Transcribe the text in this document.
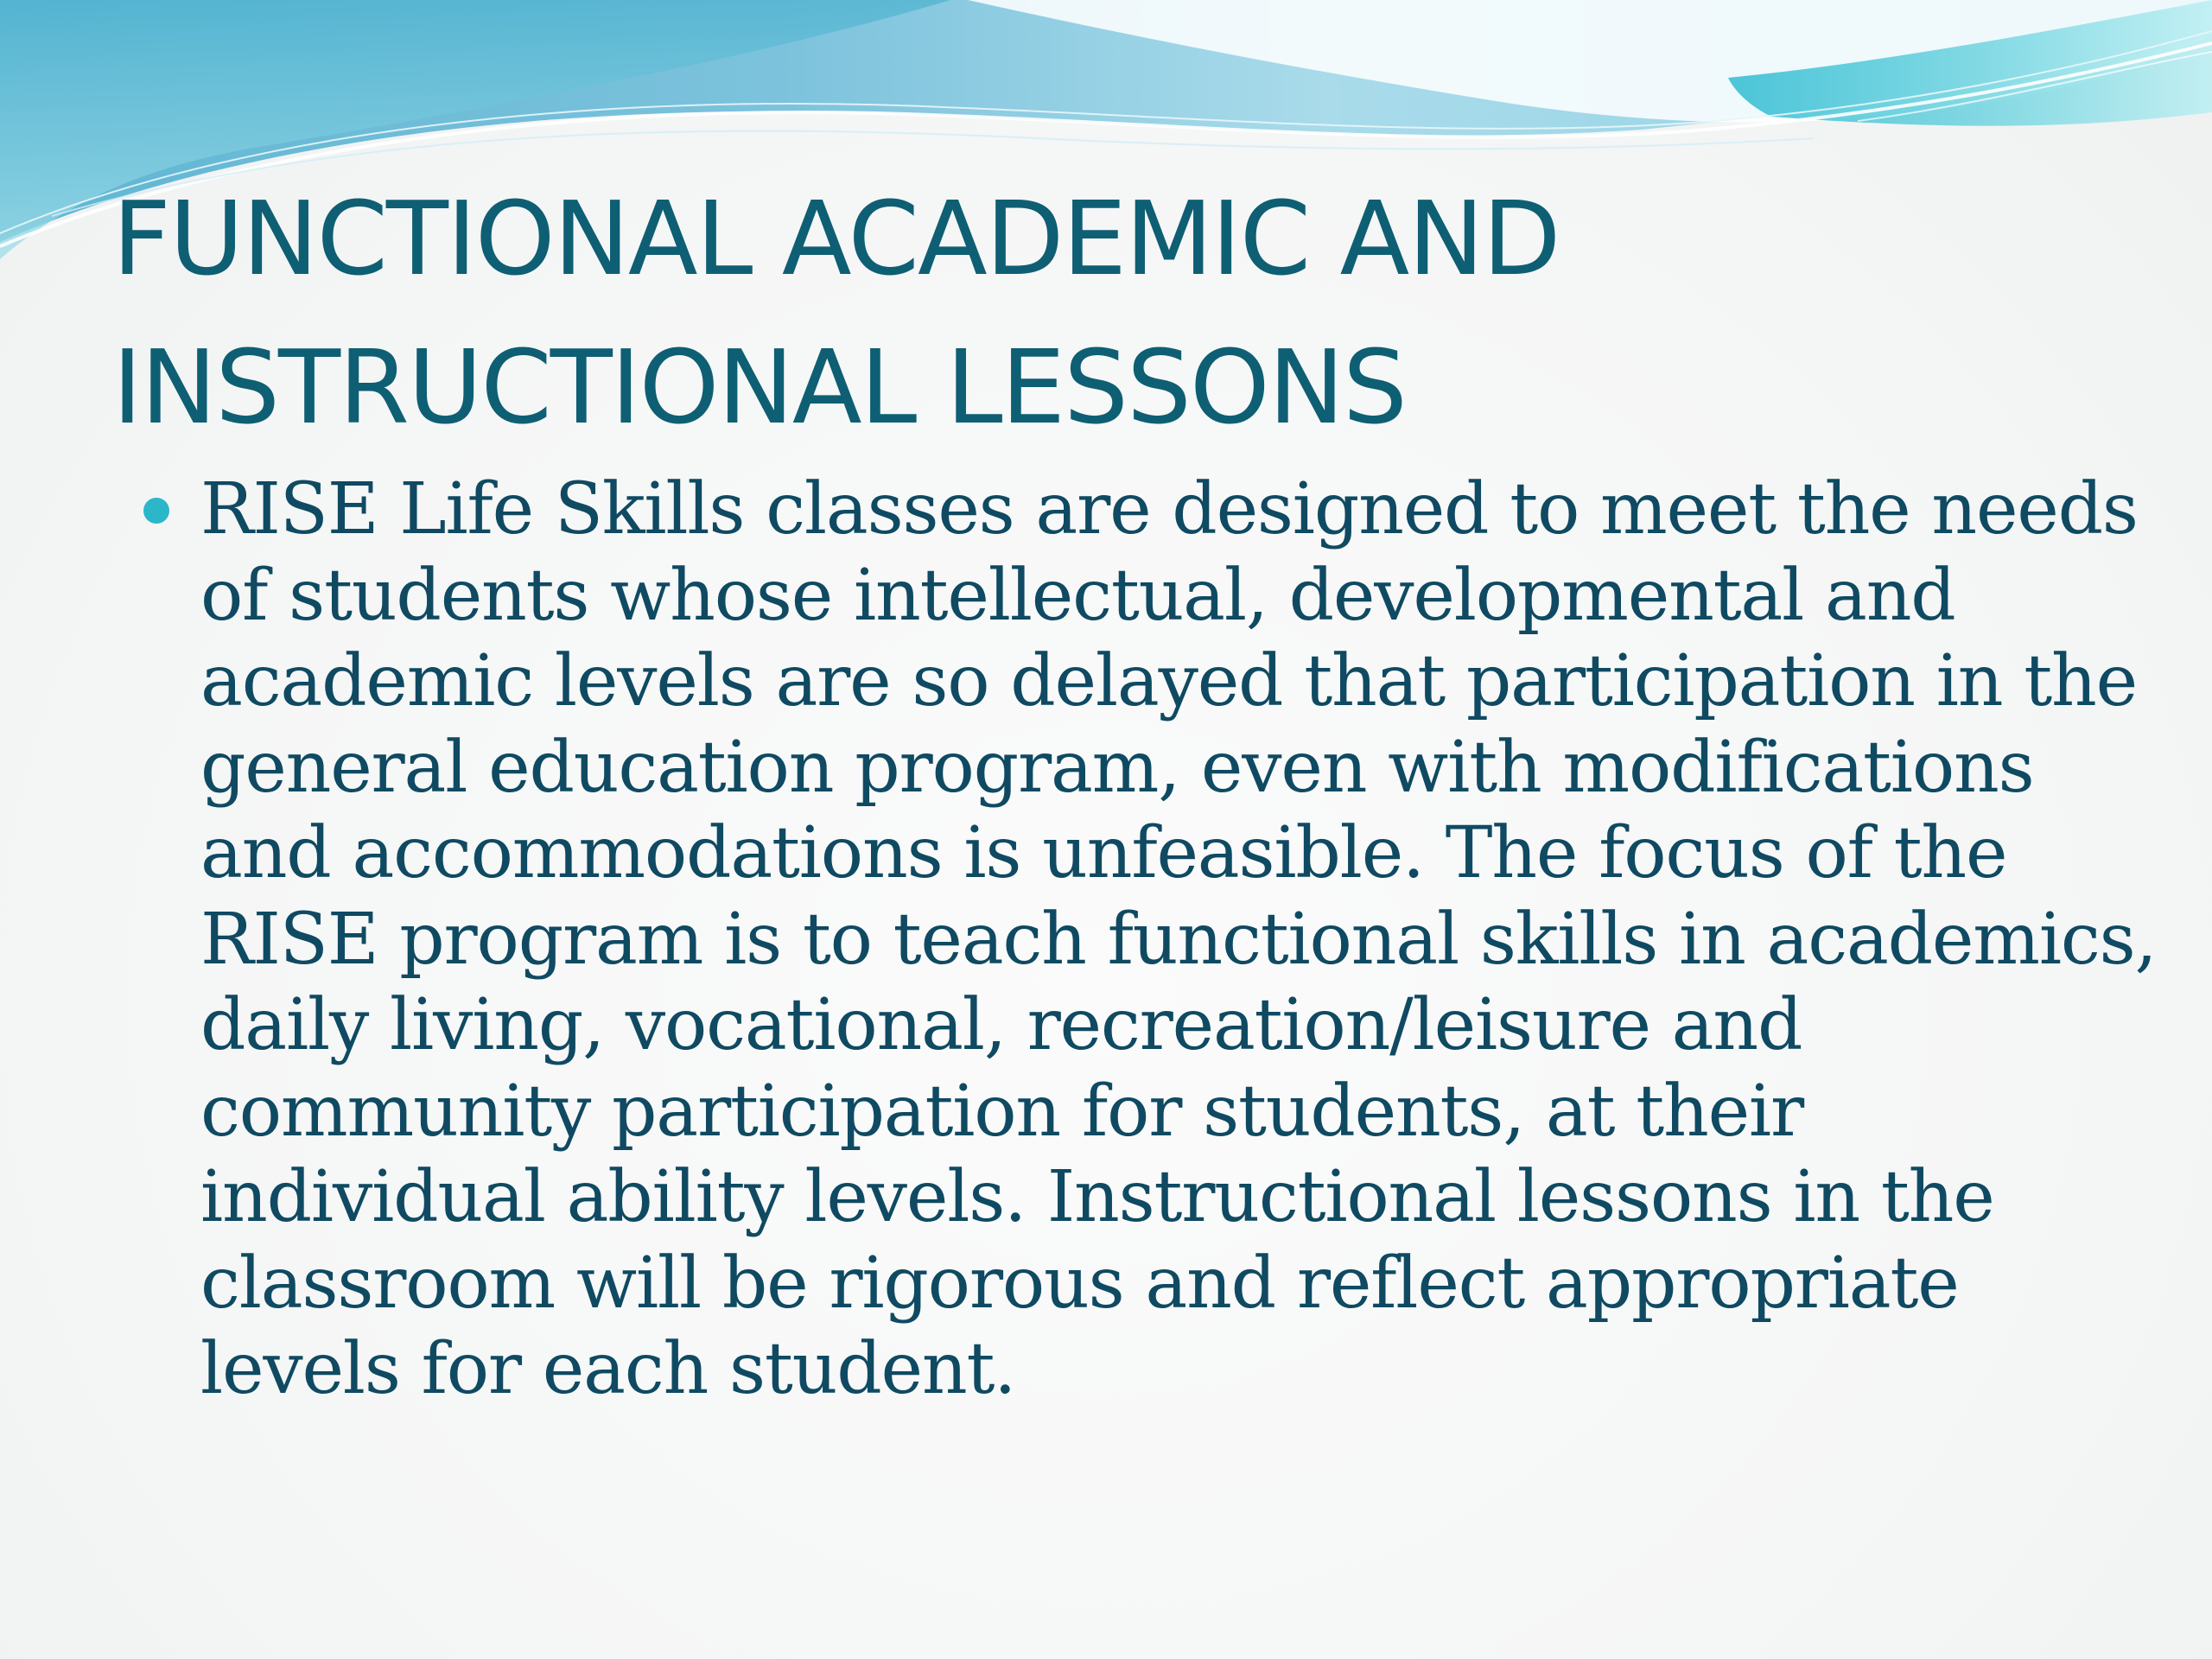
FUNCTIONAL ACADEMIC AND
INSTRUCTIONAL LESSONS
RISE Life Skills classes are designed to meet the needs
of students whose intellectual, developmental and
academic levels are so delayed that participation in the
general education program, even with modifications
and accommodations is unfeasible. The focus of the
RISE program is to teach functional skills in academics,
daily living, vocational, recreation/leisure and
community participation for students, at their
individual ability levels. Instructional lessons in the
classroom will be rigorous and reflect appropriate
levels for each student.
